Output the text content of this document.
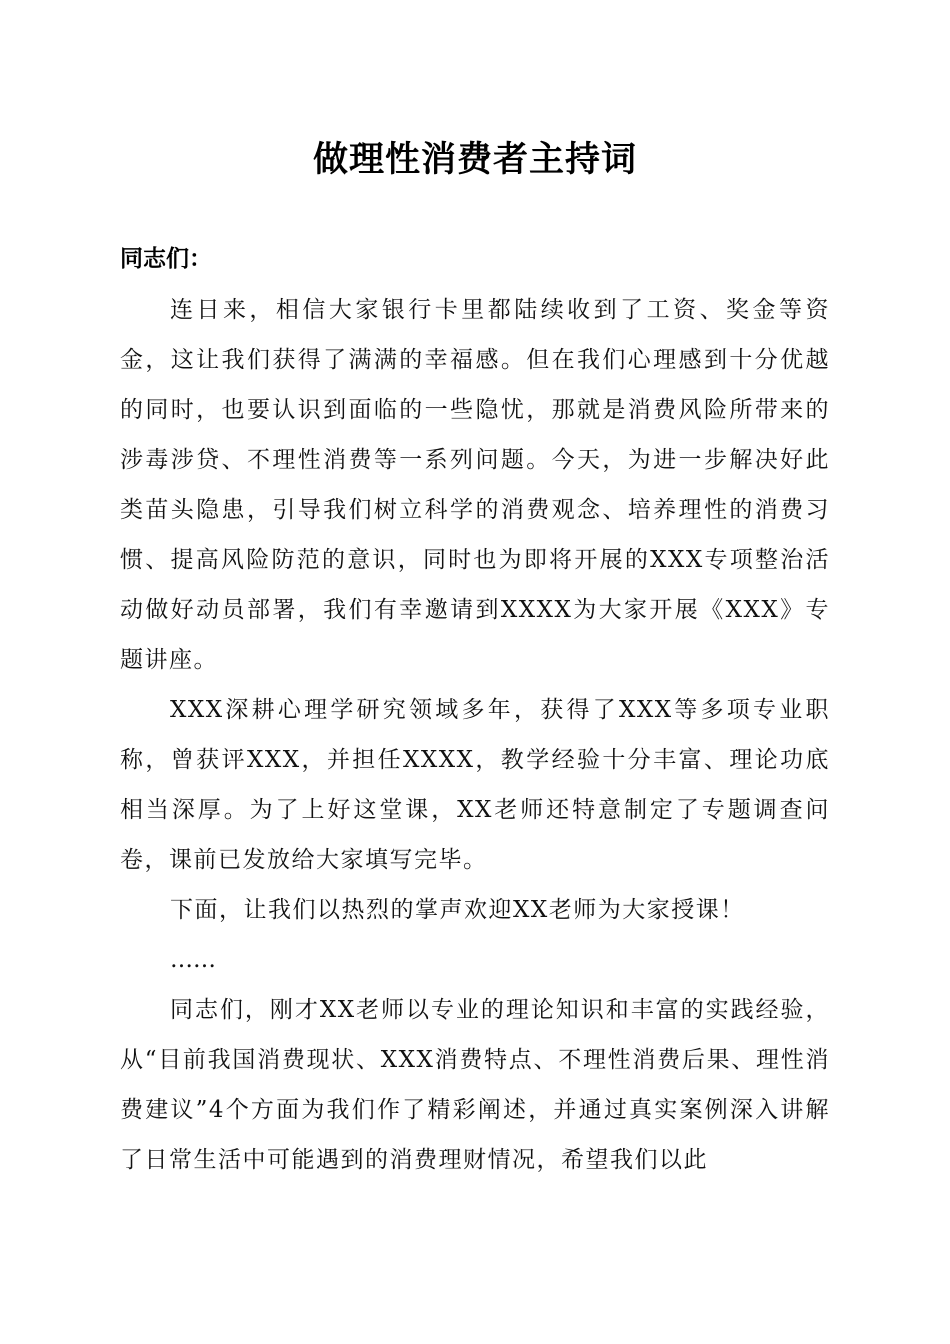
做理性消费者主持词

同志们：

连日来，相信大家银行卡里都陆续收到了工资、奖金等资金，这让我们获得了满满的幸福感。但在我们心理感到十分优越的同时，也要认识到面临的一些隐忧，那就是消费风险所带来的涉毒涉贷、不理性消费等一系列问题。今天，为进一步解决好此类苗头隐患，引导我们树立科学的消费观念、培养理性的消费习惯、提高风险防范的意识，同时也为即将开展的XXX专项整治活动做好动员部署，我们有幸邀请到XXXX为大家开展《XXX》专题讲座。

XXX深耕心理学研究领域多年，获得了XXX等多项专业职称，曾获评XXX，并担任XXXX，教学经验十分丰富、理论功底相当深厚。为了上好这堂课，XX老师还特意制定了专题调查问卷，课前已发放给大家填写完毕。

下面，让我们以热烈的掌声欢迎XX老师为大家授课！

……

同志们，刚才XX老师以专业的理论知识和丰富的实践经验，从“目前我国消费现状、XXX消费特点、不理性消费后果、理性消费建议”4个方面为我们作了精彩阐述，并通过真实案例深入讲解了日常生活中可能遇到的消费理财情况，希望我们以此
